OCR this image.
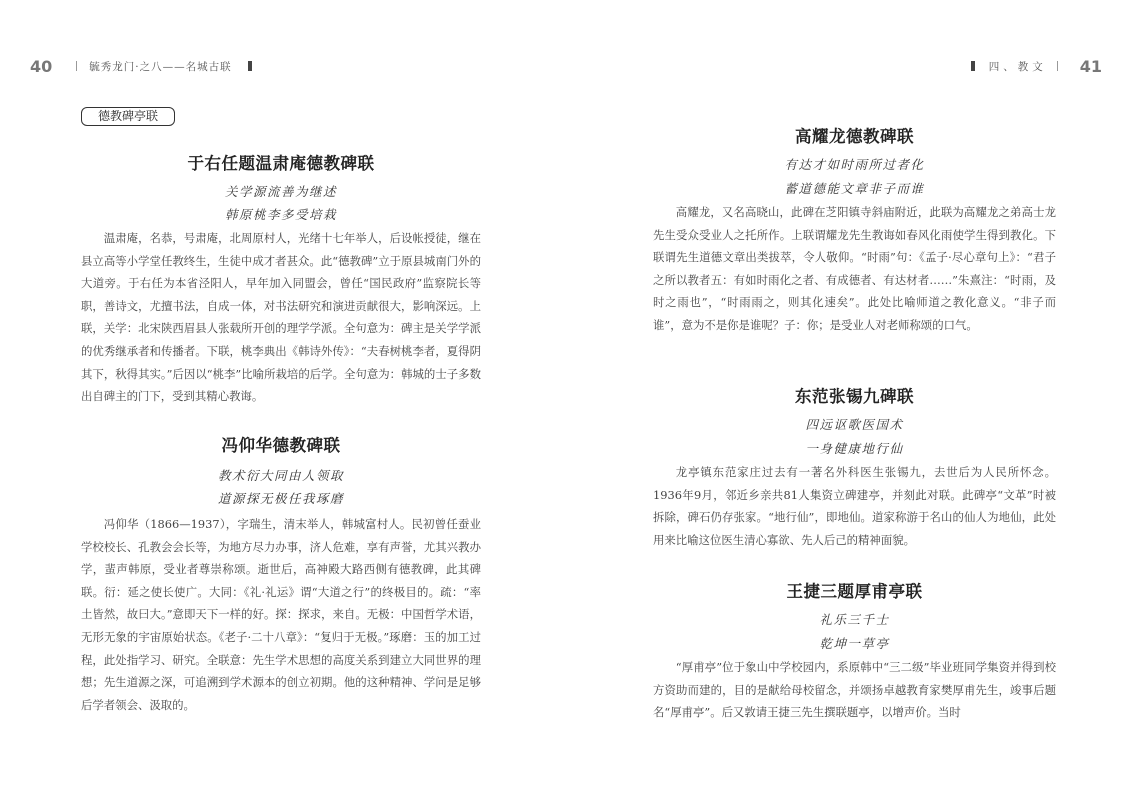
40	毓秀龙门·之八——名城古联
德教碑亭联
于右任题温肃庵德教碑联

关学源流善为继述

韩原桃李多受培栽

温肃庵，名恭，号肃庵，北周原村人，光绪十七年举人，后设帐授徒，继在县立高等小学堂任教终生，生徒中成才者甚众。此“德教碑”立于原县城南门外的大道旁。于右任为本省泾阳人，早年加入同盟会，曾任“国民政府”监察院长等职，善诗文，尤擅书法，自成一体，对书法研究和演进贡献很大，影响深远。上联，关学：北宋陕西眉县人张载所开创的理学学派。全句意为：碑主是关学学派的优秀继承者和传播者。下联，桃李典出《韩诗外传》：“夫春树桃李者，夏得阴其下，秋得其实。”后因以“桃李”比喻所栽培的后学。全句意为：韩城的士子多数出自碑主的门下，受到其精心教诲。

冯仰华德教碑联

教术衍大同由人领取

道源探无极任我琢磨

冯仰华（1866—1937），字瑞生，清末举人，韩城富村人。民初曾任蚕业学校校长、孔教会会长等，为地方尽力办事，济人危难，享有声誉，尤其兴教办学，蜚声韩原，受业者尊崇称颂。逝世后，高神殿大路西侧有德教碑，此其碑联。衍：延之使长使广。大同：《礼·礼运》谓“大道之行”的终极目的。疏：“率土皆然，故曰大。”意即天下一样的好。探：探求，来自。无极：中国哲学术语，无形无象的宇宙原始状态。《老子·二十八章》：“复归于无极。”琢磨：玉的加工过程，此处指学习、研究。全联意：先生学术思想的高度关系到建立大同世界的理想；先生道源之深，可追溯到学术源本的创立初期。他的这种精神、学问是足够后学者领会、汲取的。

四、教文 41
高耀龙德教碑联

有达才如时雨所过者化

蓄道德能文章非子而谁

高耀龙，又名高晓山，此碑在芝阳镇寺斜庙附近，此联为高耀龙之弟高士龙先生受众受业人之托所作。上联谓耀龙先生教诲如春风化雨使学生得到教化。下联谓先生道德文章出类拔萃，令人敬仰。“时雨”句：《孟子·尽心章句上》：“君子之所以教者五：有如时雨化之者、有成德者、有达材者……”朱熹注：“时雨，及时之雨也”，“时雨雨之，则其化速矣”。此处比喻师道之教化意义。“非子而谁”，意为不是你是谁呢？子：你；是受业人对老师称颂的口气。

东范张锡九碑联

四远讴歌医国术

一身健康地行仙

龙亭镇东范家庄过去有一著名外科医生张锡九，去世后为人民所怀念。1936年9月，邻近乡亲共81人集资立碑建亭，并刻此对联。此碑亭“文革”时被拆除，碑石仍存张家。“地行仙”，即地仙。道家称游于名山的仙人为地仙，此处用来比喻这位医生清心寡欲、先人后己的精神面貌。

王捷三题厚甫亭联

礼乐三千士

乾坤一草亭

“厚甫亭”位于象山中学校园内，系原韩中“三二级”毕业班同学集资并得到校方资助而建的，目的是献给母校留念，并颂扬卓越教育家樊厚甫先生，竣事后题名“厚甫亭”。后又敦请王捷三先生撰联题亭，以增声价。当时
